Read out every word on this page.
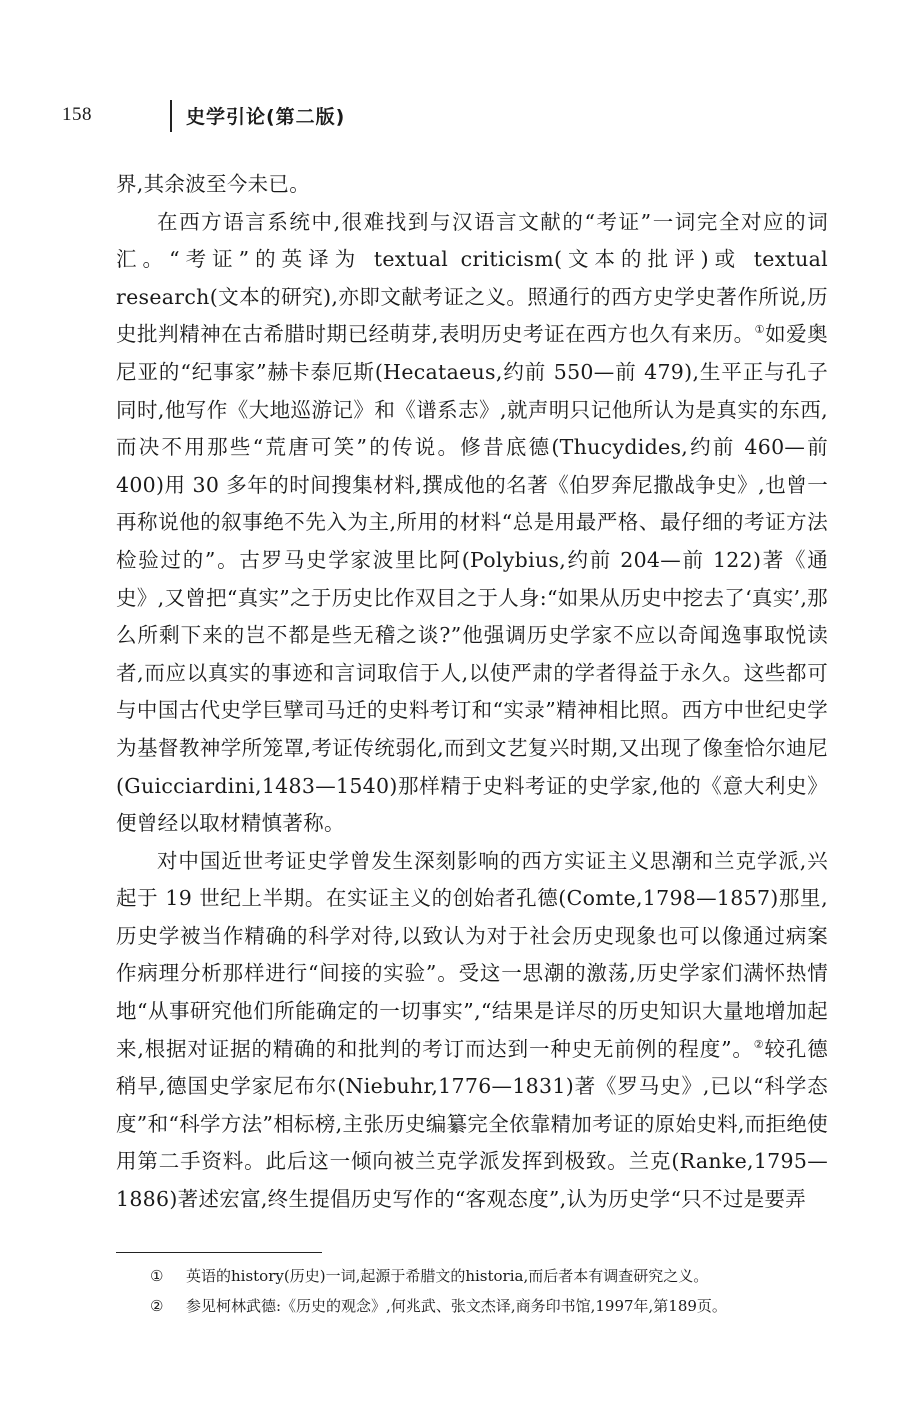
158	史学引论(第二版)

界,其余波至今未已。

在西方语言系统中,很难找到与汉语言文献的“考证”一词完全对应的词汇。“考证”的英译为 textual criticism(文本的批评)或 textual research(文本的研究),亦即文献考证之义。照通行的西方史学史著作所说,历史批判精神在古希腊时期已经萌芽,表明历史考证在西方也久有来历。①如爱奥尼亚的“纪事家”赫卡泰厄斯(Hecataeus,约前 550—前 479),生平正与孔子同时,他写作《大地巡游记》和《谱系志》,就声明只记他所认为是真实的东西,而决不用那些“荒唐可笑”的传说。修昔底德(Thucydides,约前 460—前 400)用 30 多年的时间搜集材料,撰成他的名著《伯罗奔尼撒战争史》,也曾一再称说他的叙事绝不先入为主,所用的材料“总是用最严格、最仔细的考证方法检验过的”。古罗马史学家波里比阿(Polybius,约前 204—前 122)著《通史》,又曾把“真实”之于历史比作双目之于人身:“如果从历史中挖去了‘真实’,那么所剩下来的岂不都是些无稽之谈?”他强调历史学家不应以奇闻逸事取悦读者,而应以真实的事迹和言词取信于人,以使严肃的学者得益于永久。这些都可与中国古代史学巨擘司马迁的史料考订和“实录”精神相比照。西方中世纪史学为基督教神学所笼罩,考证传统弱化,而到文艺复兴时期,又出现了像奎恰尔迪尼(Guicciardini,1483—1540)那样精于史料考证的史学家,他的《意大利史》便曾经以取材精慎著称。

对中国近世考证史学曾发生深刻影响的西方实证主义思潮和兰克学派,兴起于 19 世纪上半期。在实证主义的创始者孔德(Comte,1798—1857)那里,历史学被当作精确的科学对待,以致认为对于社会历史现象也可以像通过病案作病理分析那样进行“间接的实验”。受这一思潮的激荡,历史学家们满怀热情地“从事研究他们所能确定的一切事实”,“结果是详尽的历史知识大量地增加起来,根据对证据的精确的和批判的考订而达到一种史无前例的程度”。②较孔德稍早,德国史学家尼布尔(Niebuhr,1776—1831)著《罗马史》,已以“科学态度”和“科学方法”相标榜,主张历史编纂完全依靠精加考证的原始史料,而拒绝使用第二手资料。此后这一倾向被兰克学派发挥到极致。兰克(Ranke,1795—1886)著述宏富,终生提倡历史写作的“客观态度”,认为历史学“只不过是要弄

① 英语的history(历史)一词,起源于希腊文的historia,而后者本有调查研究之义。
② 参见柯林武德:《历史的观念》,何兆武、张文杰译,商务印书馆,1997年,第189页。
